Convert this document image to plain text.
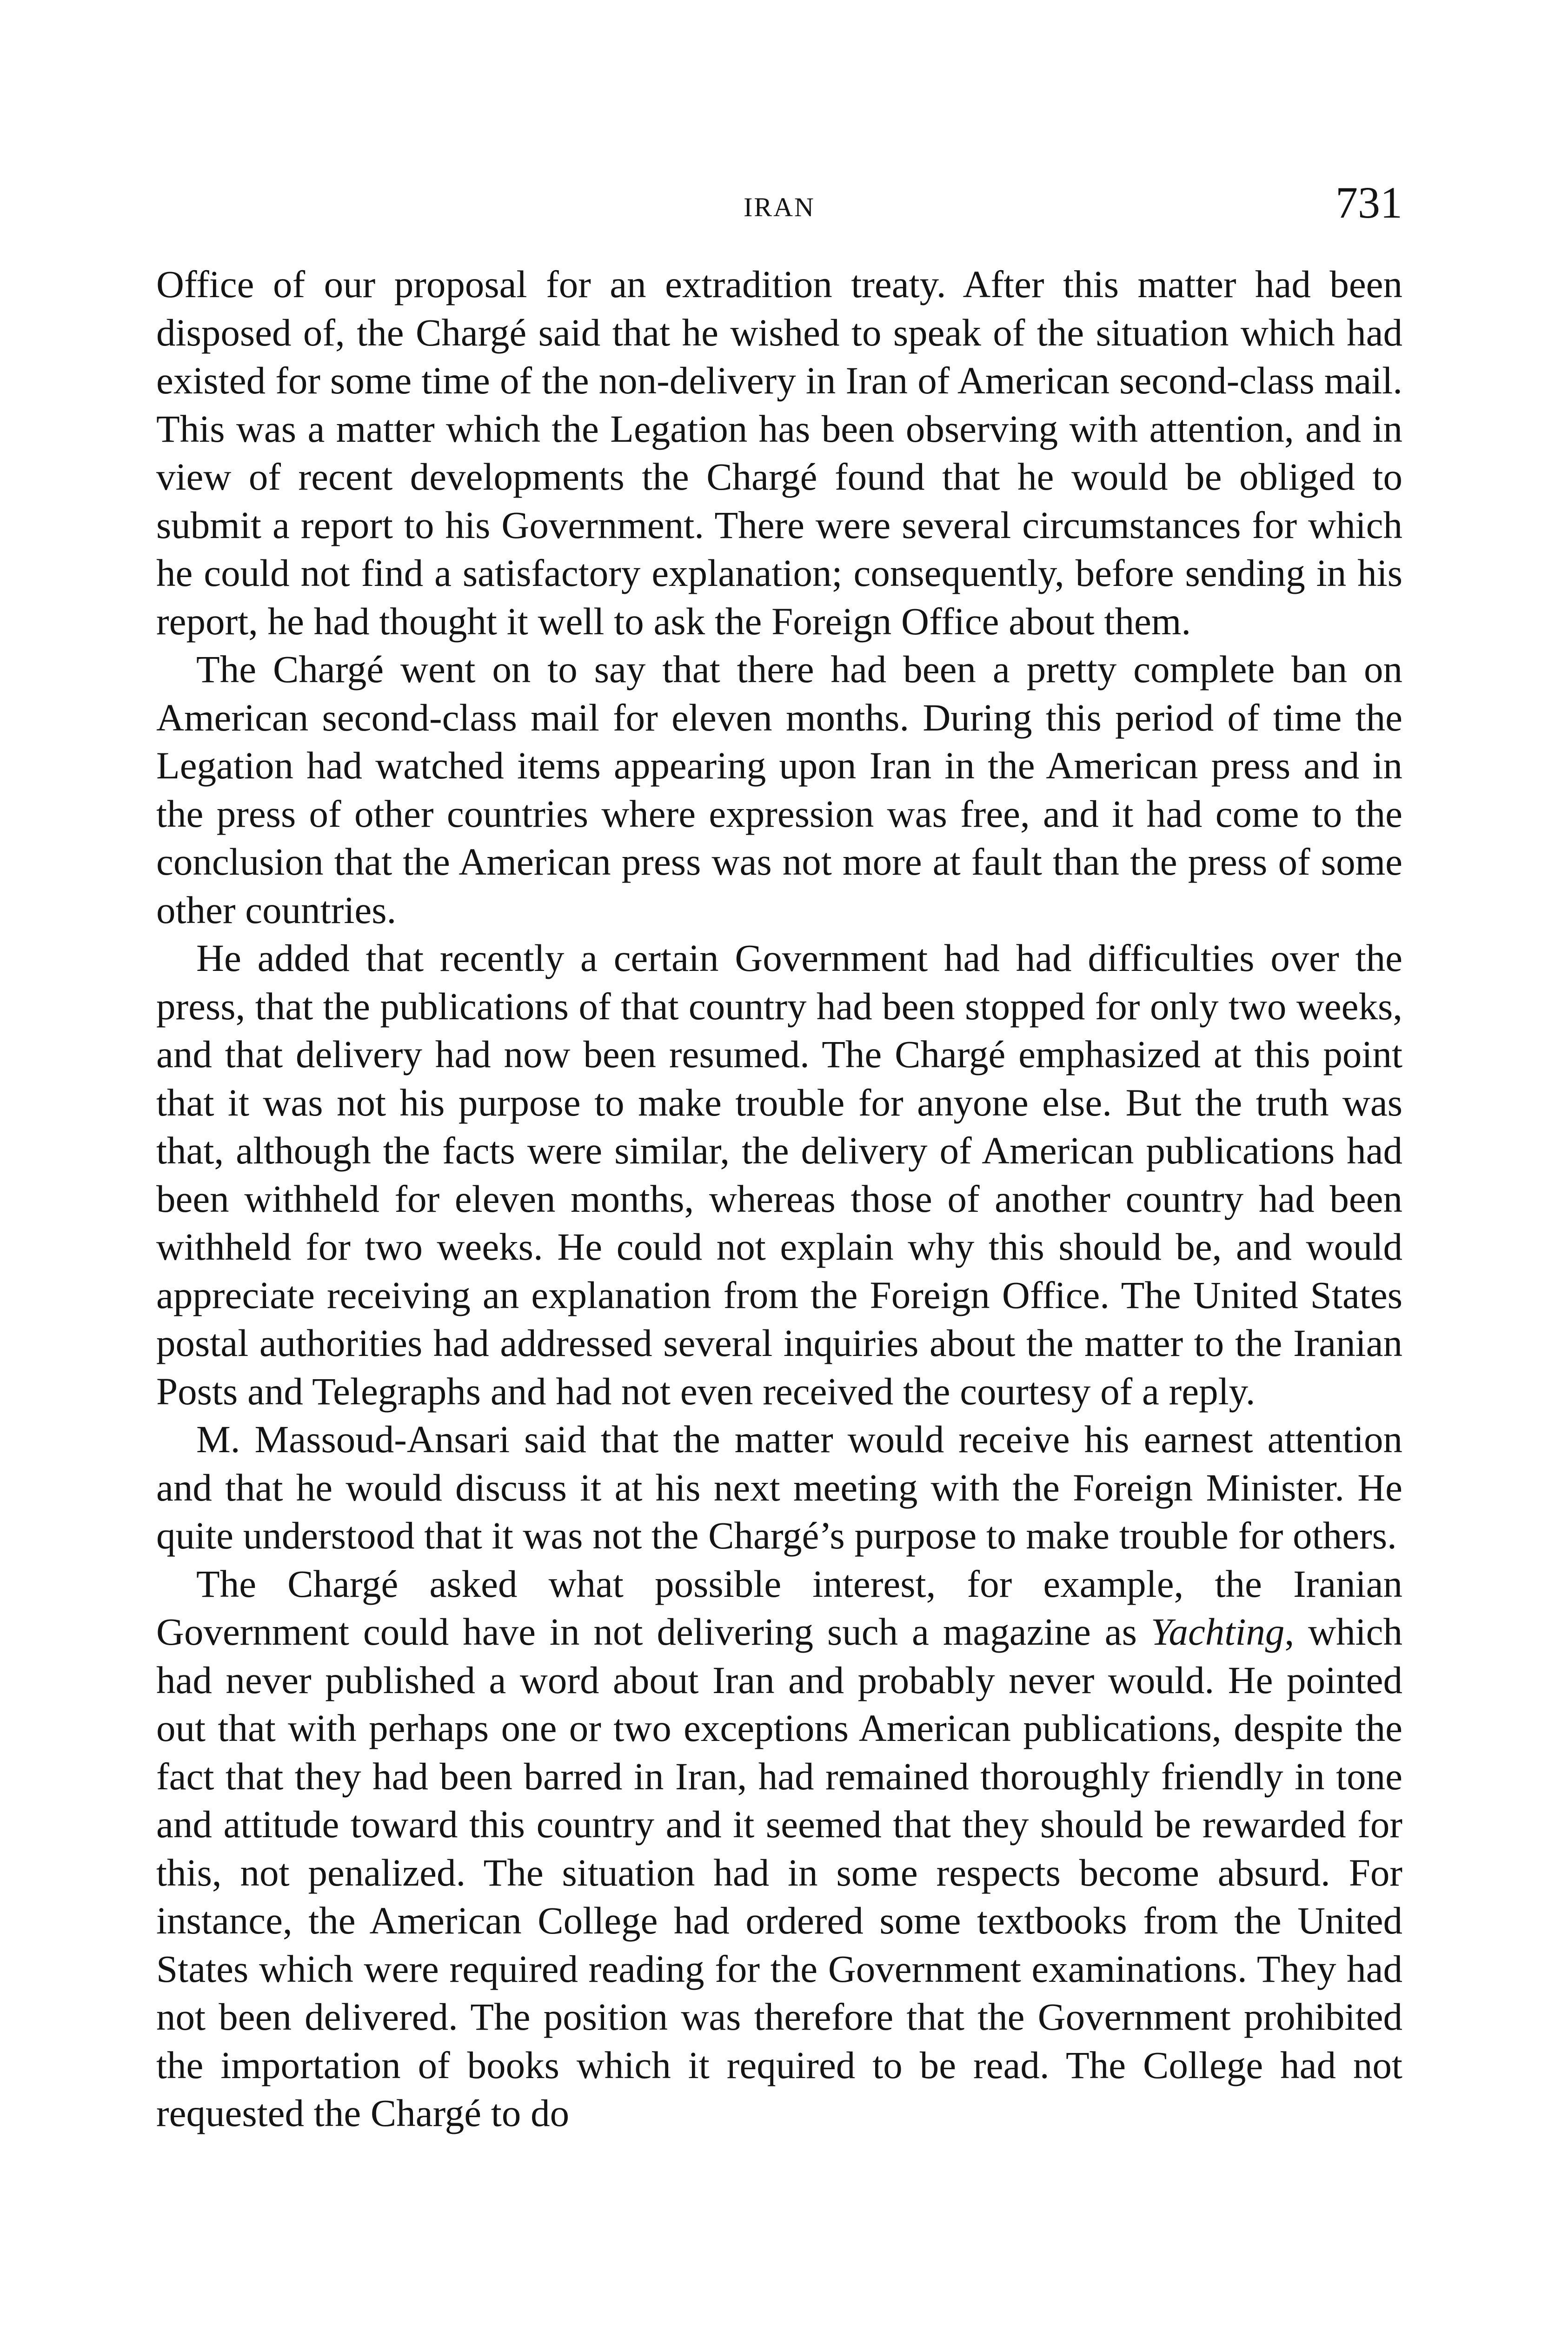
IRAN	731

Office of our proposal for an extradition treaty. After this matter had been disposed of, the Chargé said that he wished to speak of the situation which had existed for some time of the non-delivery in Iran of American second-class mail. This was a matter which the Legation has been observing with attention, and in view of recent developments the Chargé found that he would be obliged to submit a report to his Government. There were several circumstances for which he could not find a satisfactory explanation; consequently, before sending in his report, he had thought it well to ask the Foreign Office about them.

The Chargé went on to say that there had been a pretty complete ban on American second-class mail for eleven months. During this period of time the Legation had watched items appearing upon Iran in the American press and in the press of other countries where expression was free, and it had come to the conclusion that the American press was not more at fault than the press of some other countries.

He added that recently a certain Government had had difficulties over the press, that the publications of that country had been stopped for only two weeks, and that delivery had now been resumed. The Chargé emphasized at this point that it was not his purpose to make trouble for anyone else. But the truth was that, although the facts were similar, the delivery of American publications had been withheld for eleven months, whereas those of another country had been withheld for two weeks. He could not explain why this should be, and would appreciate receiving an explanation from the Foreign Office. The United States postal authorities had addressed several inquiries about the matter to the Iranian Posts and Telegraphs and had not even received the courtesy of a reply.

M. Massoud-Ansari said that the matter would receive his earnest attention and that he would discuss it at his next meeting with the Foreign Minister. He quite understood that it was not the Chargé’s purpose to make trouble for others.

The Chargé asked what possible interest, for example, the Iranian Government could have in not delivering such a magazine as Yachting, which had never published a word about Iran and probably never would. He pointed out that with perhaps one or two exceptions American publications, despite the fact that they had been barred in Iran, had remained thoroughly friendly in tone and attitude toward this country and it seemed that they should be rewarded for this, not penalized. The situation had in some respects become absurd. For instance, the American College had ordered some textbooks from the United States which were required reading for the Government examinations. They had not been delivered. The position was therefore that the Government prohibited the importation of books which it required to be read. The College had not requested the Chargé to do
